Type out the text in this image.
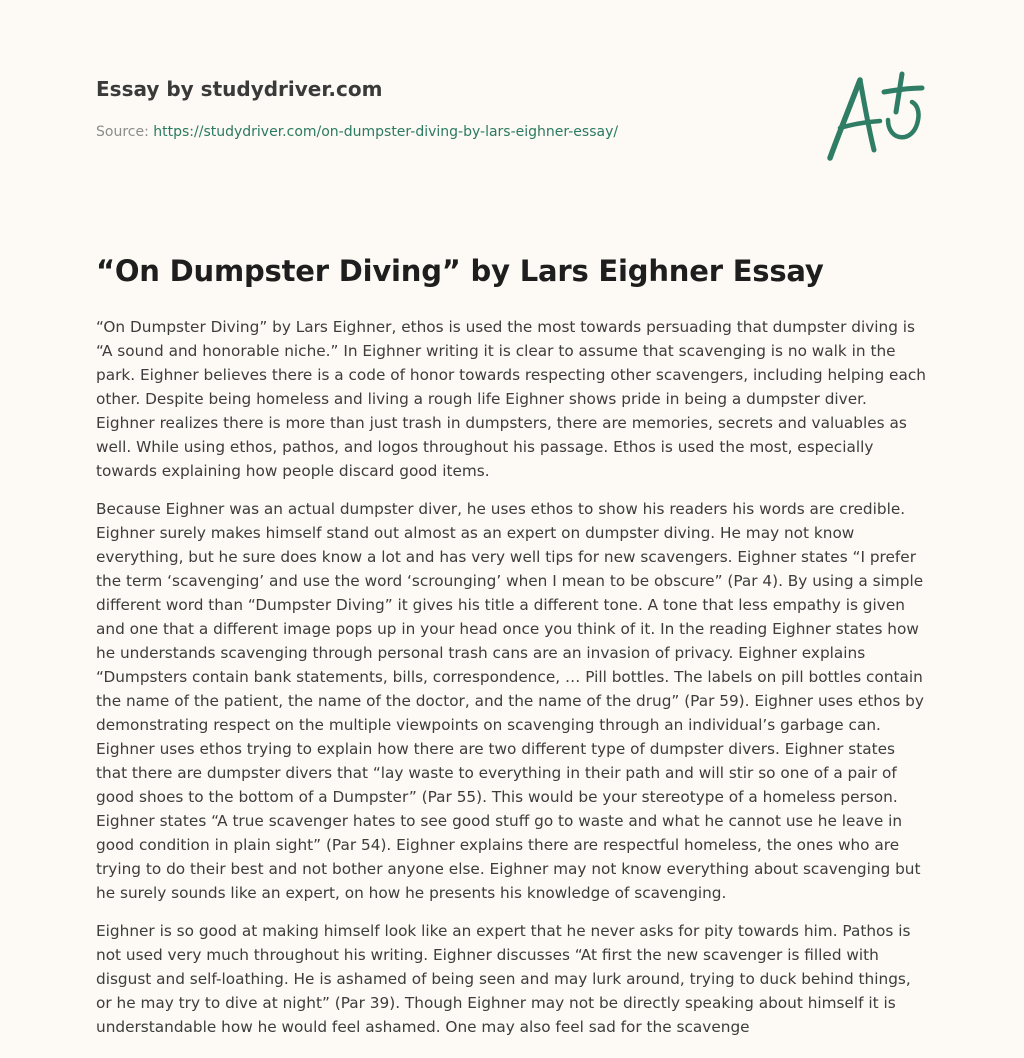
Essay by studydriver.com
Source: https://studydriver.com/on-dumpster-diving-by-lars-eighner-essay/
“On Dumpster Diving” by Lars Eighner Essay

“On Dumpster Diving” by Lars Eighner, ethos is used the most towards persuading that dumpster diving is “A sound and honorable niche.” In Eighner writing it is clear to assume that scavenging is no walk in the park. Eighner believes there is a code of honor towards respecting other scavengers, including helping each other. Despite being homeless and living a rough life Eighner shows pride in being a dumpster diver. Eighner realizes there is more than just trash in dumpsters, there are memories, secrets and valuables as well. While using ethos, pathos, and logos throughout his passage. Ethos is used the most, especially towards explaining how people discard good items.

Because Eighner was an actual dumpster diver, he uses ethos to show his readers his words are credible. Eighner surely makes himself stand out almost as an expert on dumpster diving. He may not know everything, but he sure does know a lot and has very well tips for new scavengers. Eighner states “I prefer the term ‘scavenging’ and use the word ‘scrounging’ when I mean to be obscure” (Par 4). By using a simple different word than “Dumpster Diving” it gives his title a different tone. A tone that less empathy is given and one that a different image pops up in your head once you think of it. In the reading Eighner states how he understands scavenging through personal trash cans are an invasion of privacy. Eighner explains “Dumpsters contain bank statements, bills, correspondence, … Pill bottles. The labels on pill bottles contain the name of the patient, the name of the doctor, and the name of the drug” (Par 59). Eighner uses ethos by demonstrating respect on the multiple viewpoints on scavenging through an individual’s garbage can. Eighner uses ethos trying to explain how there are two different type of dumpster divers. Eighner states that there are dumpster divers that “lay waste to everything in their path and will stir so one of a pair of good shoes to the bottom of a Dumpster” (Par 55). This would be your stereotype of a homeless person. Eighner states “A true scavenger hates to see good stuff go to waste and what he cannot use he leave in good condition in plain sight” (Par 54). Eighner explains there are respectful homeless, the ones who are trying to do their best and not bother anyone else. Eighner may not know everything about scavenging but he surely sounds like an expert, on how he presents his knowledge of scavenging.

Eighner is so good at making himself look like an expert that he never asks for pity towards him. Pathos is not used very much throughout his writing. Eighner discusses “At first the new scavenger is filled with disgust and self-loathing. He is ashamed of being seen and may lurk around, trying to duck behind things, or he may try to dive at night” (Par 39). Though Eighner may not be directly speaking about himself it is understandable how he would feel ashamed. One may also feel sad for the scavenge
